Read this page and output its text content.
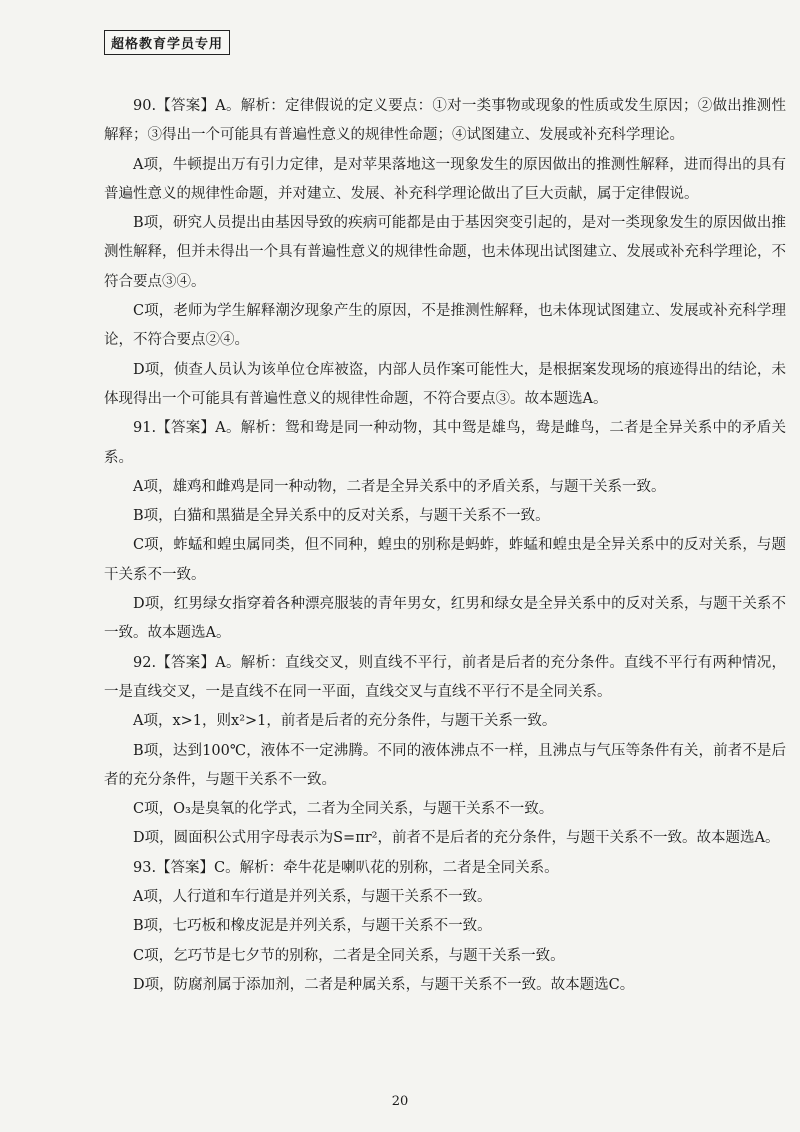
超格教育学员专用

90.【答案】A。解析：定律假说的定义要点：①对一类事物或现象的性质或发生原因；②做出推测性解释；③得出一个可能具有普遍性意义的规律性命题；④试图建立、发展或补充科学理论。

A项，牛顿提出万有引力定律，是对苹果落地这一现象发生的原因做出的推测性解释，进而得出的具有普遍性意义的规律性命题，并对建立、发展、补充科学理论做出了巨大贡献，属于定律假说。

B项，研究人员提出由基因导致的疾病可能都是由于基因突变引起的，是对一类现象发生的原因做出推测性解释，但并未得出一个具有普遍性意义的规律性命题，也未体现出试图建立、发展或补充科学理论，不符合要点③④。

C项，老师为学生解释潮汐现象产生的原因，不是推测性解释，也未体现试图建立、发展或补充科学理论，不符合要点②④。

D项，侦查人员认为该单位仓库被盗，内部人员作案可能性大，是根据案发现场的痕迹得出的结论，未体现得出一个可能具有普遍性意义的规律性命题，不符合要点③。故本题选A。

91.【答案】A。解析：鸳和鸯是同一种动物，其中鸳是雄鸟，鸯是雌鸟，二者是全异关系中的矛盾关系。

A项，雄鸡和雌鸡是同一种动物，二者是全异关系中的矛盾关系，与题干关系一致。

B项，白猫和黑猫是全异关系中的反对关系，与题干关系不一致。

C项，蚱蜢和蝗虫属同类，但不同种，蝗虫的别称是蚂蚱，蚱蜢和蝗虫是全异关系中的反对关系，与题干关系不一致。

D项，红男绿女指穿着各种漂亮服装的青年男女，红男和绿女是全异关系中的反对关系，与题干关系不一致。故本题选A。

92.【答案】A。解析：直线交叉，则直线不平行，前者是后者的充分条件。直线不平行有两种情况，一是直线交叉，一是直线不在同一平面，直线交叉与直线不平行不是全同关系。

A项，x>1，则x²>1，前者是后者的充分条件，与题干关系一致。

B项，达到100℃，液体不一定沸腾。不同的液体沸点不一样，且沸点与气压等条件有关，前者不是后者的充分条件，与题干关系不一致。

C项，O₃是臭氧的化学式，二者为全同关系，与题干关系不一致。

D项，圆面积公式用字母表示为S=πr²，前者不是后者的充分条件，与题干关系不一致。故本题选A。

93.【答案】C。解析：牵牛花是喇叭花的别称，二者是全同关系。

A项，人行道和车行道是并列关系，与题干关系不一致。

B项，七巧板和橡皮泥是并列关系，与题干关系不一致。

C项，乞巧节是七夕节的别称，二者是全同关系，与题干关系一致。

D项，防腐剂属于添加剂，二者是种属关系，与题干关系不一致。故本题选C。

20
